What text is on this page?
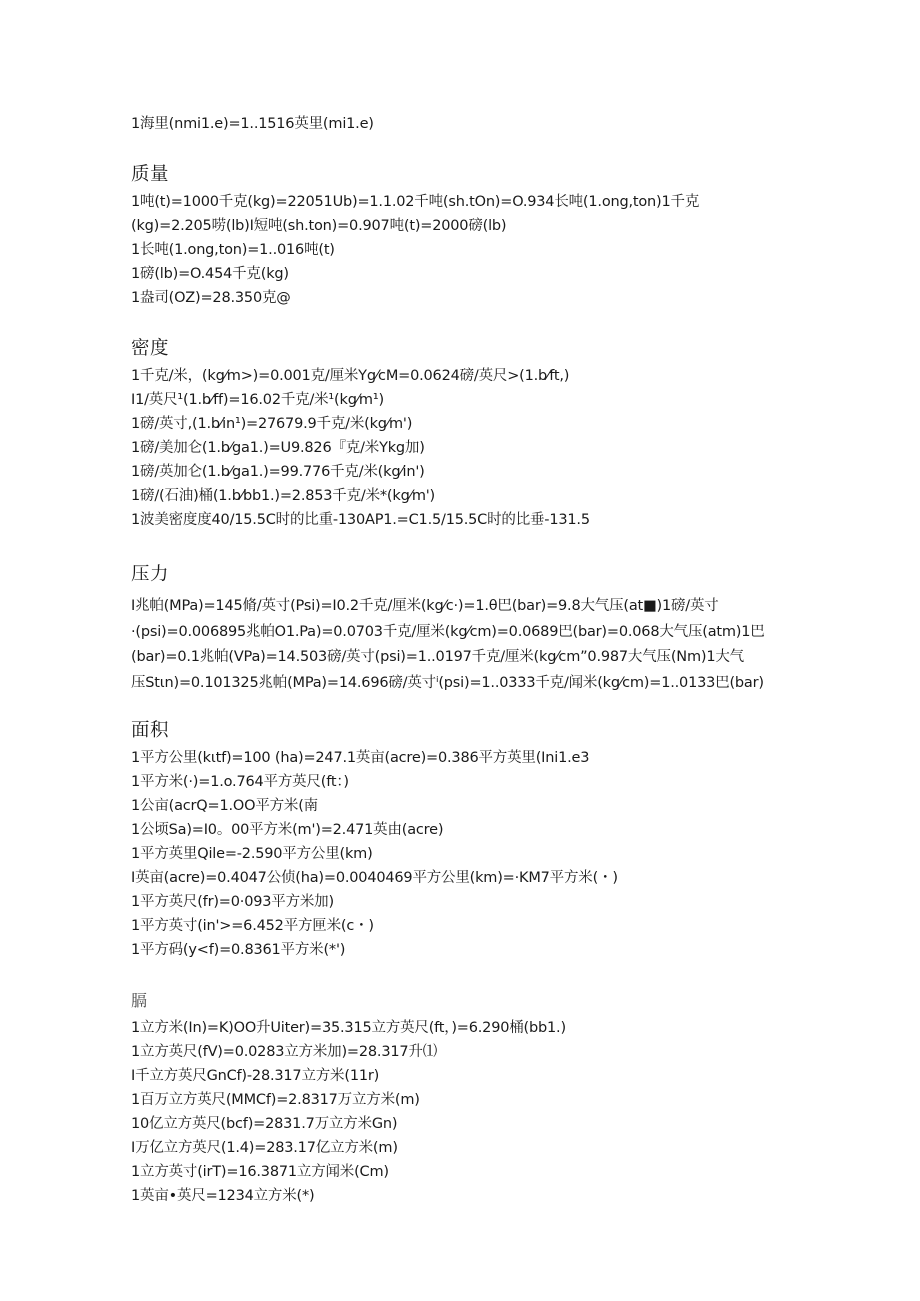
1海里(nmi1.e)=1..1516英里(mi1.e)
质量
1吨(t)=1000千克(kg)=22051Ub)=1.1.02千吨(sh.tOn)=O.934长吨(1.ong,ton)1千克
(kg)=2.205唠(lb)I短吨(sh.ton)=0.907吨(t)=2000磅(lb)
1长吨(1.ong,ton)=1..016吨(t)
1磅(lb)=O.454千克(kg)
1盎司(OZ)=28.350克@
密度
1千克/米，(kg⁄m>)=0.001克/厘米Yg⁄cM=0.0624磅/英尺>(1.b⁄ft,)
I1/英尺¹(1.b⁄ff)=16.02千克/米¹(kg⁄m¹)
1磅/英寸,(1.b⁄in¹)=27679.9千克/米(kg⁄m')
1磅/美加仑(1.b⁄ga1.)=U9.826『克/米Ykg加)
1磅/英加仑(1.b⁄ga1.)=99.776千克/米(kg⁄in')
1磅/(石油)桶(1.b⁄bb1.)=2.853千克/米*(kg⁄m')
1波美密度度40/15.5C时的比重-130AP1.=C1.5/15.5C时的比垂-131.5
压力
I兆帕(MPa)=145脩/英寸(Psi)=I0.2千克/厘米(kg⁄c·)=1.θ巴(bar)=9.8大气压(at■)1磅/英寸
·(psi)=0.006895兆帕O1.Pa)=0.0703千克/厘米(kg⁄cm)=0.0689巴(bar)=0.068大气压(atm)1巴
(bar)=0.1兆帕(VPa)=14.503磅/英寸(psi)=1..0197千克/厘米(kg⁄cm”0.987大气压(Nm)1大气
压Stιn)=0.101325兆帕(MPa)=14.696磅/英寸ⁱ(psi)=1..0333千克/闻米(kg⁄cm)=1..0133巴(bar)
面积
1平方公里(kιtf)=100 (ha)=247.1英亩(acre)=0.386平方英里(Ini1.e3
1平方米(·)=1.o.764平方英尺(ft：)
1公亩(acrQ=1.OO平方米(南
1公顷Sa)=I0。00平方米(m')=2.471英由(acre)
1平方英里Qile=-2.590平方公里(km)
I英亩(acre)=0.4047公侦(ha)=0.0040469平方公里(km)=·KM7平方米(・)
1平方英尺(fr)=0·093平方米加)
1平方英寸(in'>=6.452平方匣米(c・)
1平方码(y<f)=0.8361平方米(*')
膈
1立方米(In)=K)OO升Uiter)=35.315立方英尺(ft，)=6.290桶(bb1.)
1立方英尺(fV)=0.0283立方米加)=28.317升⑴
I千立方英尺GnCf)-28.317立方米(11r)
1百万立方英尺(MMCf)=2.8317万立方米(m)
10亿立方英尺(bcf)=2831.7万立方米Gn)
I万亿立方英尺(1.4)=283.17亿立方米(m)
1立方英寸(irT)=16.3871立方闻米(Cm)
1英亩•英尺=1234立方米(*)
